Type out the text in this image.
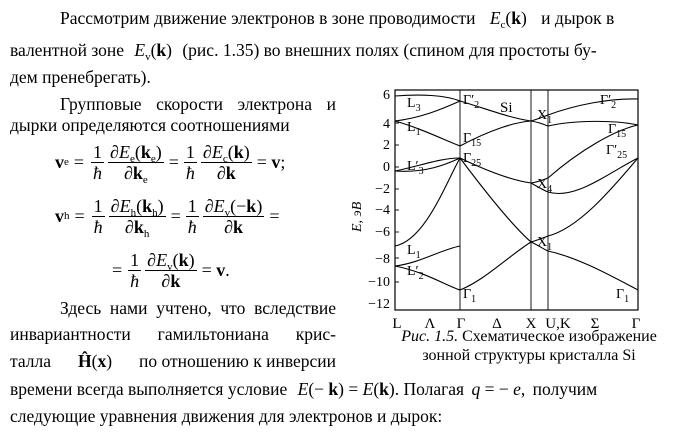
Рассмотрим движение электронов в зоне проводимости $E_c(k)$ и дырок в
валентной зоне $E_v(k)$ (рис. 1.35) во внешних полях (спином для простоты бу-
дем пренебрегать).
Групповые скорости электрона и
дырки определяются соотношениями
v $e = \frac{1}{ħ} \frac{\partial E_e(k_e)}{\partial k_e} = \frac{1}{ħ} \frac{\partial E_c(k)}{\partial k} = v$;
v $h = \frac{1}{ħ} \frac{\partial E_h(k_h)}{\partial k_h} = \frac{1}{ħ} \frac{\partial E_v(-k)}{\partial k}$ =
= $\frac{1}{ħ} \frac{\partial E_v(k)}{\partial k} = v$.
Здесь нами учтено, что вследствие
инвариантности гамильтониана крис-
талла Ĥ(x) по отношению к инверсии
времени всегда выполняется условие E(− k) = E(k). Полагая q = − e, получим
следующие уравнения движения для электронов и дырок:
6
4
2
0
−2
−4
−6
−8
−10
−12
E, эВ
L Λ Γ Δ X U,K Σ Γ
Si
$L_3$
$L_1$
$L'_3$
$L_1$
$L'_2$
$\Gamma'_2$
$\Gamma_{15}$
$\Gamma_{25}$
$\Gamma_1$
$X_1$
$X_4$
$X_1$
$\Gamma'_2$
$\Gamma_{15}$
$\Gamma'_{25}$
$\Gamma_1$
Рис. 1.5. Схематическое изображение
зонной структуры кристалла Si
